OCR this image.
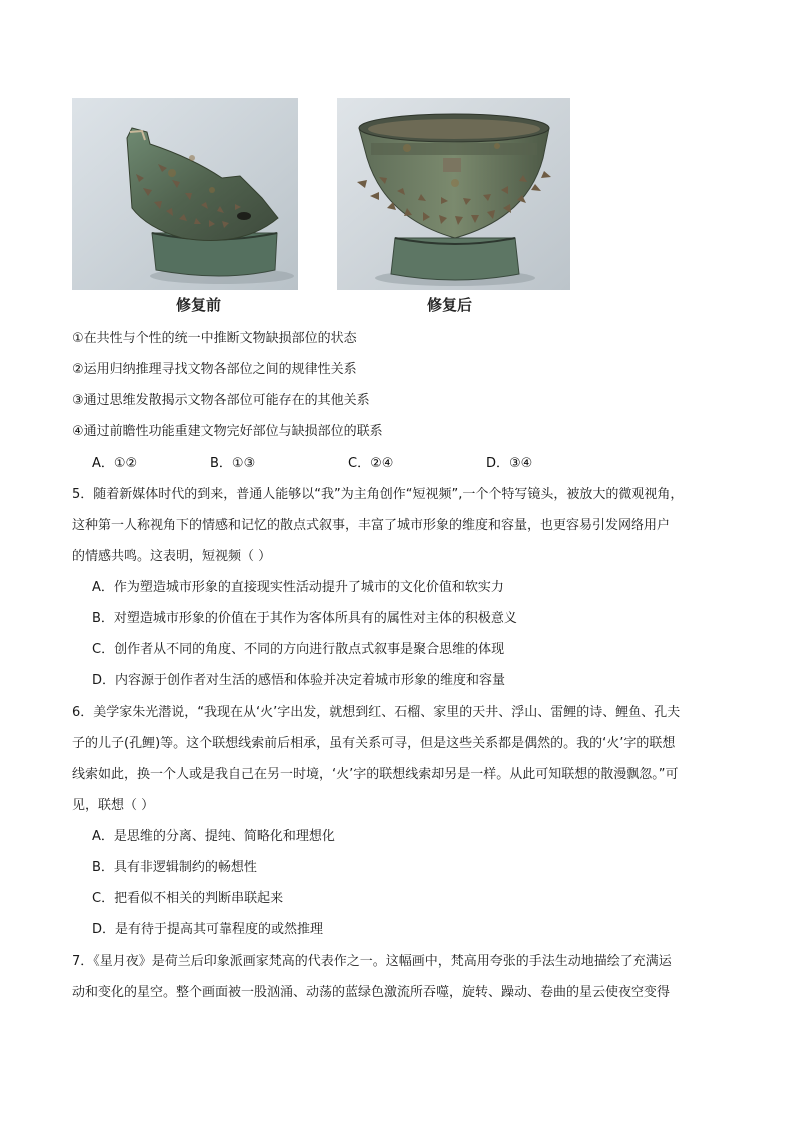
修复前	修复后
①在共性与个性的统一中推断文物缺损部位的状态
②运用归纳推理寻找文物各部位之间的规律性关系
③通过思维发散揭示文物各部位可能存在的其他关系
④通过前瞻性功能重建文物完好部位与缺损部位的联系
A．①②	B．①③	C．②④	D．③④
5．随着新媒体时代的到来，普通人能够以“我”为主角创作“短视频”,一个个特写镜头，被放大的微观视角，
这种第一人称视角下的情感和记忆的散点式叙事，丰富了城市形象的维度和容量，也更容易引发网络用户
的情感共鸣。这表明，短视频（ ）
A．作为塑造城市形象的直接现实性活动提升了城市的文化价值和软实力
B．对塑造城市形象的价值在于其作为客体所具有的属性对主体的积极意义
C．创作者从不同的角度、不同的方向进行散点式叙事是聚合思维的体现
D．内容源于创作者对生活的感悟和体验并决定着城市形象的维度和容量
6．美学家朱光潜说，“我现在从‘火’字出发，就想到红、石榴、家里的天井、浮山、雷鲤的诗、鲤鱼、孔夫
子的儿子(孔鲤)等。这个联想线索前后相承，虽有关系可寻，但是这些关系都是偶然的。我的‘火’字的联想
线索如此，换一个人或是我自己在另一时境，‘火’字的联想线索却另是一样。从此可知联想的散漫飘忽。”可
见，联想（ ）
A．是思维的分离、提纯、简略化和理想化
B．具有非逻辑制约的畅想性
C．把看似不相关的判断串联起来
D．是有待于提高其可靠程度的或然推理
7．《星月夜》是荷兰后印象派画家梵高的代表作之一。这幅画中，梵高用夸张的手法生动地描绘了充满运
动和变化的星空。整个画面被一股汹涌、动荡的蓝绿色激流所吞噬，旋转、躁动、卷曲的星云使夜空变得
